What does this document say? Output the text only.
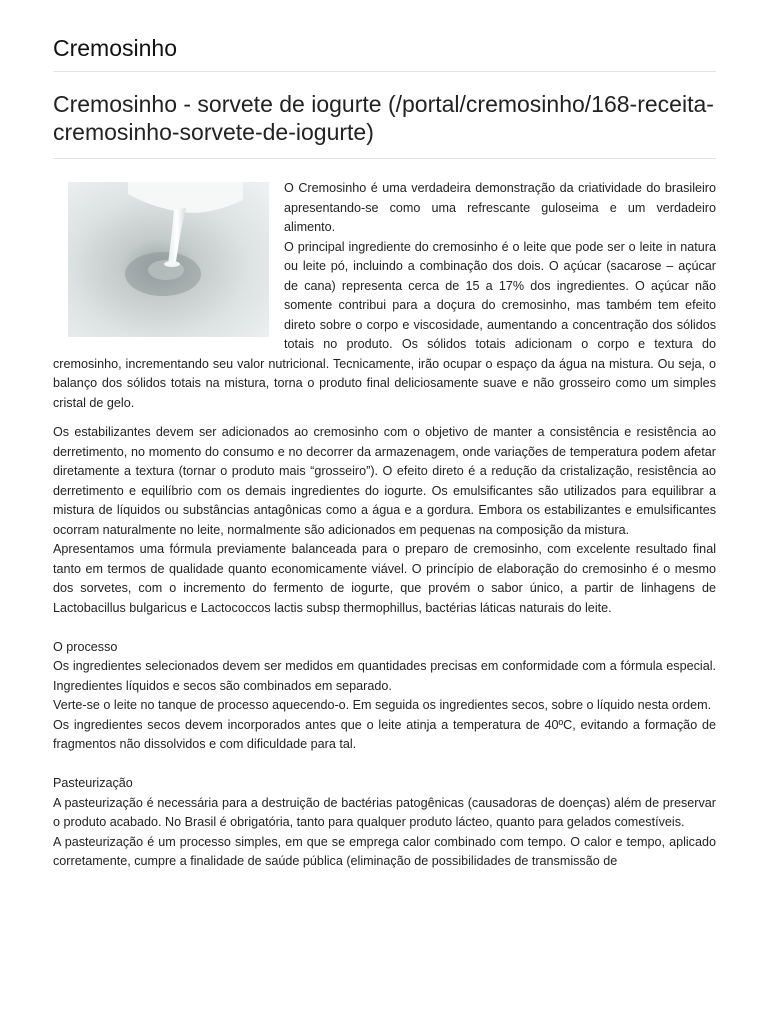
Cremosinho
Cremosinho - sorvete de iogurte (/portal/cremosinho/168-receita-cremosinho-sorvete-de-iogurte)

O Cremosinho é uma verdadeira demonstração da criatividade do brasileiro apresentando-se como uma refrescante guloseima e um verdadeiro alimento.

O principal ingrediente do cremosinho é o leite que pode ser o leite in natura ou leite pó, incluindo a combinação dos dois. O açúcar (sacarose – açúcar de cana) representa cerca de 15 a 17% dos ingredientes. O açúcar não somente contribui para a doçura do cremosinho, mas também tem efeito direto sobre o corpo e viscosidade, aumentando a concentração dos sólidos totais no produto. Os sólidos totais adicionam o corpo e textura do cremosinho, incrementando seu valor nutricional. Tecnicamente, irão ocupar o espaço da água na mistura. Ou seja, o balanço dos sólidos totais na mistura, torna o produto final deliciosamente suave e não grosseiro como um simples cristal de gelo.

Os estabilizantes devem ser adicionados ao cremosinho com o objetivo de manter a consistência e resistência ao derretimento, no momento do consumo e no decorrer da armazenagem, onde variações de temperatura podem afetar diretamente a textura (tornar o produto mais “grosseiro”). O efeito direto é a redução da cristalização, resistência ao derretimento e equilíbrio com os demais ingredientes do iogurte. Os emulsificantes são utilizados para equilibrar a mistura de líquidos ou substâncias antagônicas como a água e a gordura. Embora os estabilizantes e emulsificantes ocorram naturalmente no leite, normalmente são adicionados em pequenas na composição da mistura.

Apresentamos uma fórmula previamente balanceada para o preparo de cremosinho, com excelente resultado final tanto em termos de qualidade quanto economicamente viável. O princípio de elaboração do cremosinho é o mesmo dos sorvetes, com o incremento do fermento de iogurte, que provém o sabor único, a partir de linhagens de Lactobacillus bulgaricus e Lactococcos lactis subsp thermophillus, bactérias láticas naturais do leite.

O processo

Os ingredientes selecionados devem ser medidos em quantidades precisas em conformidade com a fórmula especial. Ingredientes líquidos e secos são combinados em separado.

Verte-se o leite no tanque de processo aquecendo-o. Em seguida os ingredientes secos, sobre o líquido nesta ordem.

Os ingredientes secos devem incorporados antes que o leite atinja a temperatura de 40ºC, evitando a formação de fragmentos não dissolvidos e com dificuldade para tal.

Pasteurização

A pasteurização é necessária para a destruição de bactérias patogênicas (causadoras de doenças) além de preservar o produto acabado. No Brasil é obrigatória, tanto para qualquer produto lácteo, quanto para gelados comestíveis.

A pasteurização é um processo simples, em que se emprega calor combinado com tempo. O calor e tempo, aplicado corretamente, cumpre a finalidade de saúde pública (eliminação de possibilidades de transmissão de
